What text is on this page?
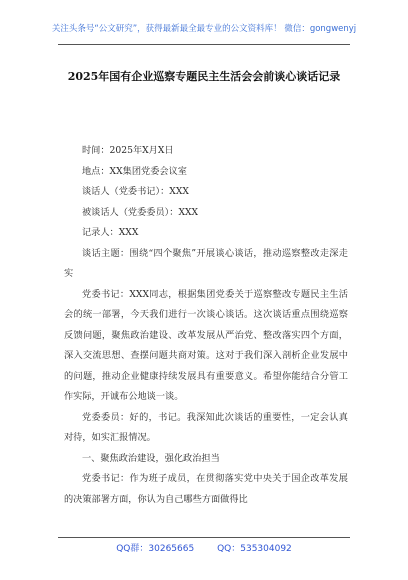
关注头条号“公文研究”，获得最新最全最专业的公文资料库！ 微信：gongwenyj
2025年国有企业巡察专题民主生活会会前谈心谈话记录

时间：2025年X月X日

地点：XX集团党委会议室

谈话人（党委书记）：XXX

被谈话人（党委委员）：XXX

记录人：XXX

谈话主题：围绕“四个聚焦”开展谈心谈话，推动巡察整改走深走实

党委书记：XXX同志，根据集团党委关于巡察整改专题民主生活会的统一部署，今天我们进行一次谈心谈话。这次谈话重点围绕巡察反馈问题，聚焦政治建设、改革发展从严治党、整改落实四个方面，深入交流思想、查摆问题共商对策。这对于我们深入剖析企业发展中的问题，推动企业健康持续发展具有重要意义。希望你能结合分管工作实际，开诚布公地谈一谈。

党委委员：好的，书记。我深知此次谈话的重要性，一定会认真对待，如实汇报情况。

一、聚焦政治建设，强化政治担当

党委书记：作为班子成员，在贯彻落实党中央关于国企改革发展的决策部署方面，你认为自己哪些方面做得比

QQ群：30265665	QQ：535304092
